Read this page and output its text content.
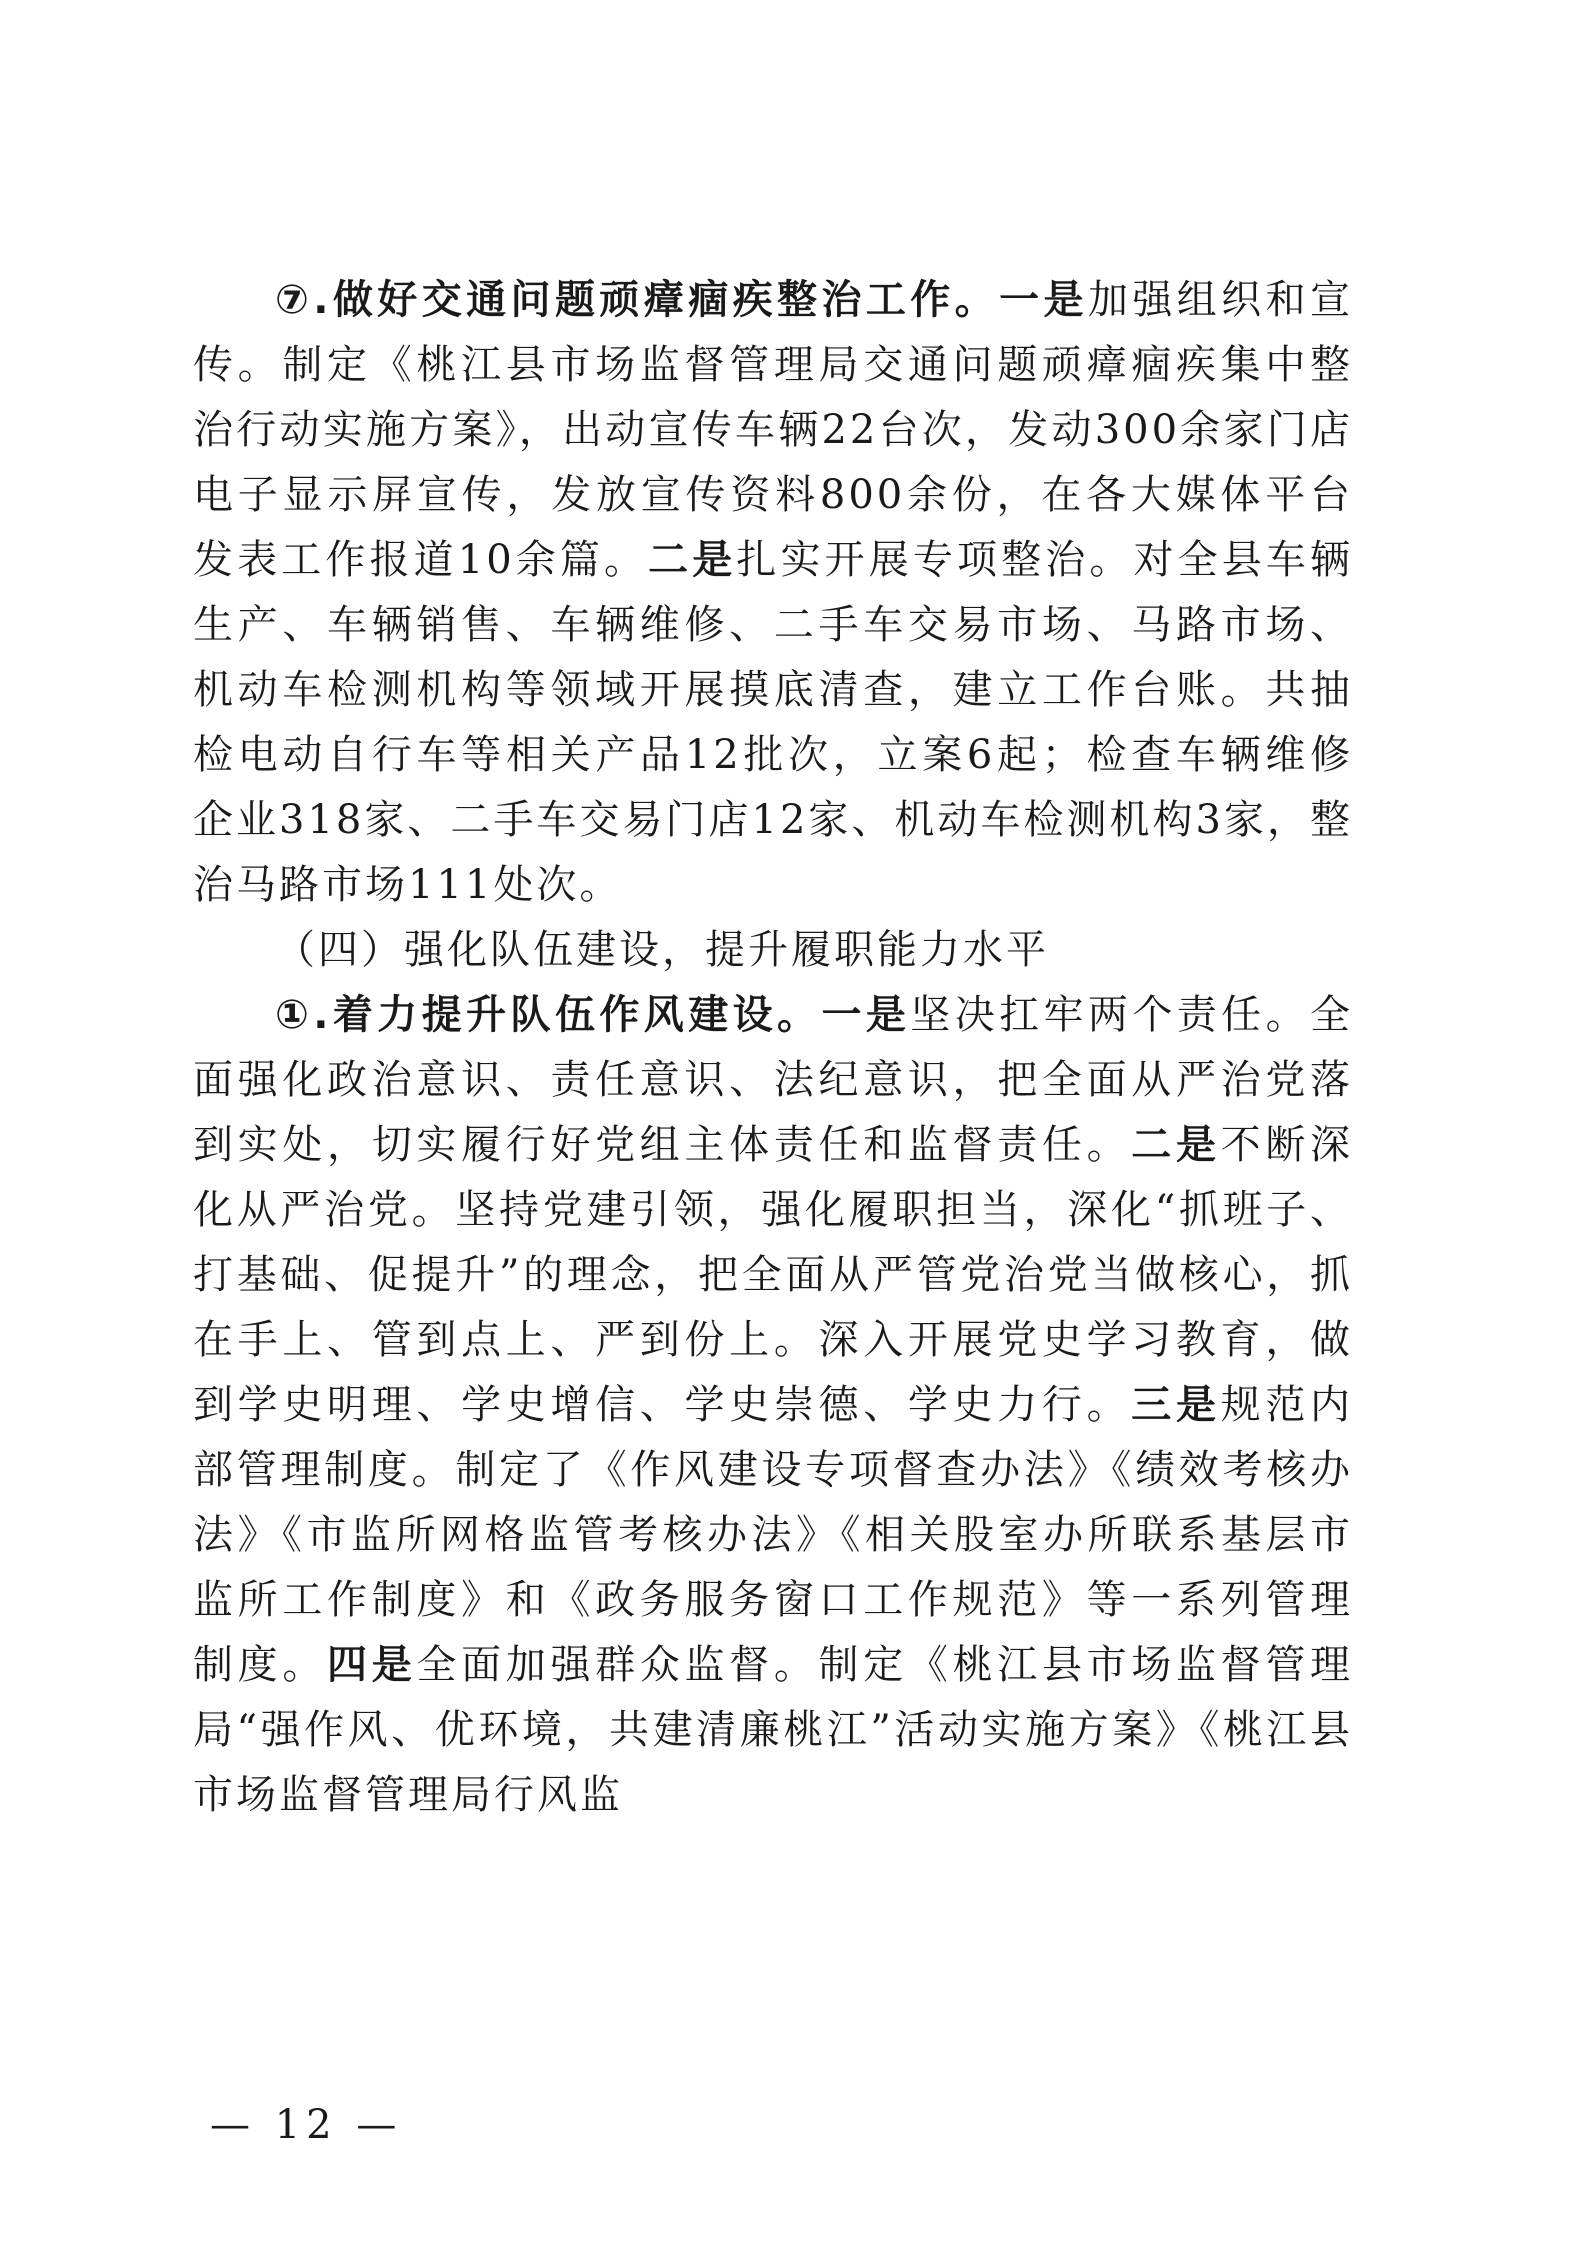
⑦.做好交通问题顽瘴痼疾整治工作。一是加强组织和宣传。制定《桃江县市场监督管理局交通问题顽瘴痼疾集中整治行动实施方案》，出动宣传车辆22台次，发动300余家门店电子显示屏宣传，发放宣传资料800余份，在各大媒体平台发表工作报道10余篇。二是扎实开展专项整治。对全县车辆生产、车辆销售、车辆维修、二手车交易市场、马路市场、机动车检测机构等领域开展摸底清查，建立工作台账。共抽检电动自行车等相关产品12批次，立案6起；检查车辆维修企业318家、二手车交易门店12家、机动车检测机构3家，整治马路市场111处次。

（四）强化队伍建设，提升履职能力水平

①.着力提升队伍作风建设。一是坚决扛牢两个责任。全面强化政治意识、责任意识、法纪意识，把全面从严治党落到实处，切实履行好党组主体责任和监督责任。二是不断深化从严治党。坚持党建引领，强化履职担当，深化“抓班子、打基础、促提升”的理念，把全面从严管党治党当做核心，抓在手上、管到点上、严到份上。深入开展党史学习教育，做到学史明理、学史增信、学史崇德、学史力行。三是规范内部管理制度。制定了《作风建设专项督查办法》《绩效考核办法》《市监所网格监管考核办法》《相关股室办所联系基层市监所工作制度》和《政务服务窗口工作规范》等一系列管理制度。四是全面加强群众监督。制定《桃江县市场监督管理局“强作风、优环境，共建清廉桃江”活动实施方案》《桃江县市场监督管理局行风监

— 12 —
